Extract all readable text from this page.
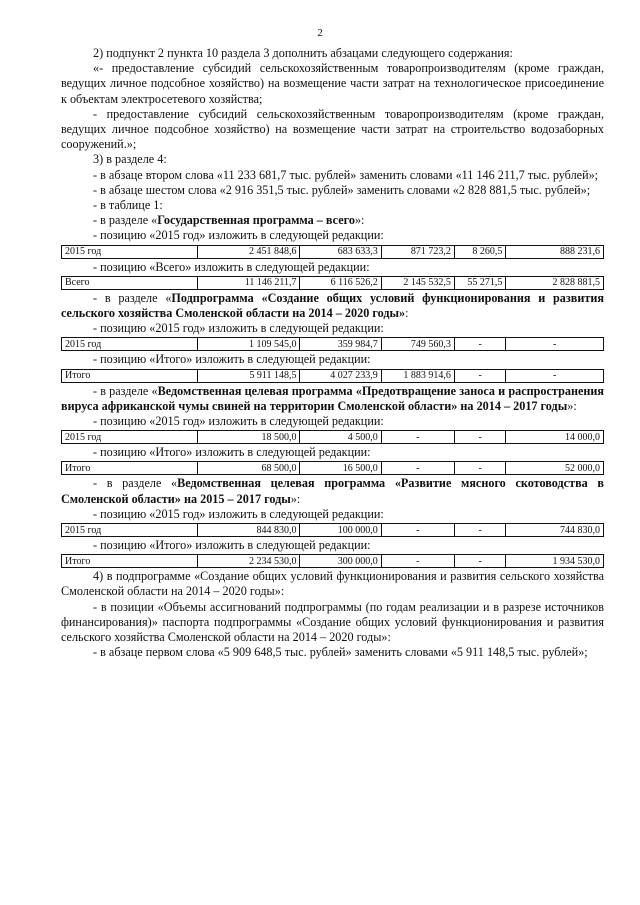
2

2) подпункт 2 пункта 10 раздела 3 дополнить абзацами следующего содержания:

«- предоставление субсидий сельскохозяйственным товаропроизводителям (кроме граждан, ведущих личное подсобное хозяйство) на возмещение части затрат на технологическое присоединение к объектам электросетевого хозяйства;

- предоставление субсидий сельскохозяйственным товаропроизводителям (кроме граждан, ведущих личное подсобное хозяйство) на возмещение части затрат на строительство водозаборных сооружений.»;

3) в разделе 4:

- в абзаце втором слова «11 233 681,7 тыс. рублей» заменить словами «11 146 211,7 тыс. рублей»;

- в абзаце шестом слова «2 916 351,5 тыс. рублей» заменить словами «2 828 881,5 тыс. рублей»;

- в таблице 1:

- в разделе «Государственная программа – всего»:

- позицию «2015 год» изложить в следующей редакции:

2015 год	2 451 848,6	683 633,3	871 723,2	8 260,5	888 231,6

- позицию «Всего» изложить в следующей редакции:

Всего	11 146 211,7	6 116 526,2	2 145 532,5	55 271,5	2 828 881,5

- в разделе «Подпрограмма «Создание общих условий функционирования и развития сельского хозяйства Смоленской области на 2014 – 2020 годы»:

- позицию «2015 год» изложить в следующей редакции:

2015 год	1 109 545,0	359 984,7	749 560,3	-	-

- позицию «Итого» изложить в следующей редакции:

Итого	5 911 148,5	4 027 233,9	1 883 914,6	-	-

- в разделе «Ведомственная целевая программа «Предотвращение заноса и распространения вируса африканской чумы свиней на территории Смоленской области» на 2014 – 2017 годы»:

- позицию «2015 год» изложить в следующей редакции:

2015 год	18 500,0	4 500,0	-	-	14 000,0

- позицию «Итого» изложить в следующей редакции:

Итого	68 500,0	16 500,0	-	-	52 000,0

- в разделе «Ведомственная целевая программа «Развитие мясного скотоводства в Смоленской области» на 2015 – 2017 годы»:

- позицию «2015 год» изложить в следующей редакции:

2015 год	844 830,0	100 000,0	-	-	744 830,0

- позицию «Итого» изложить в следующей редакции:

Итого	2 234 530,0	300 000,0	-	-	1 934 530,0

4) в подпрограмме «Создание общих условий функционирования и развития сельского хозяйства Смоленской области на 2014 – 2020 годы»:

- в позиции «Объемы ассигнований подпрограммы (по годам реализации и в разрезе источников финансирования)» паспорта подпрограммы «Создание общих условий функционирования и развития сельского хозяйства Смоленской области на 2014 – 2020 годы»:

- в абзаце первом слова «5 909 648,5 тыс. рублей» заменить словами «5 911 148,5 тыс. рублей»;
